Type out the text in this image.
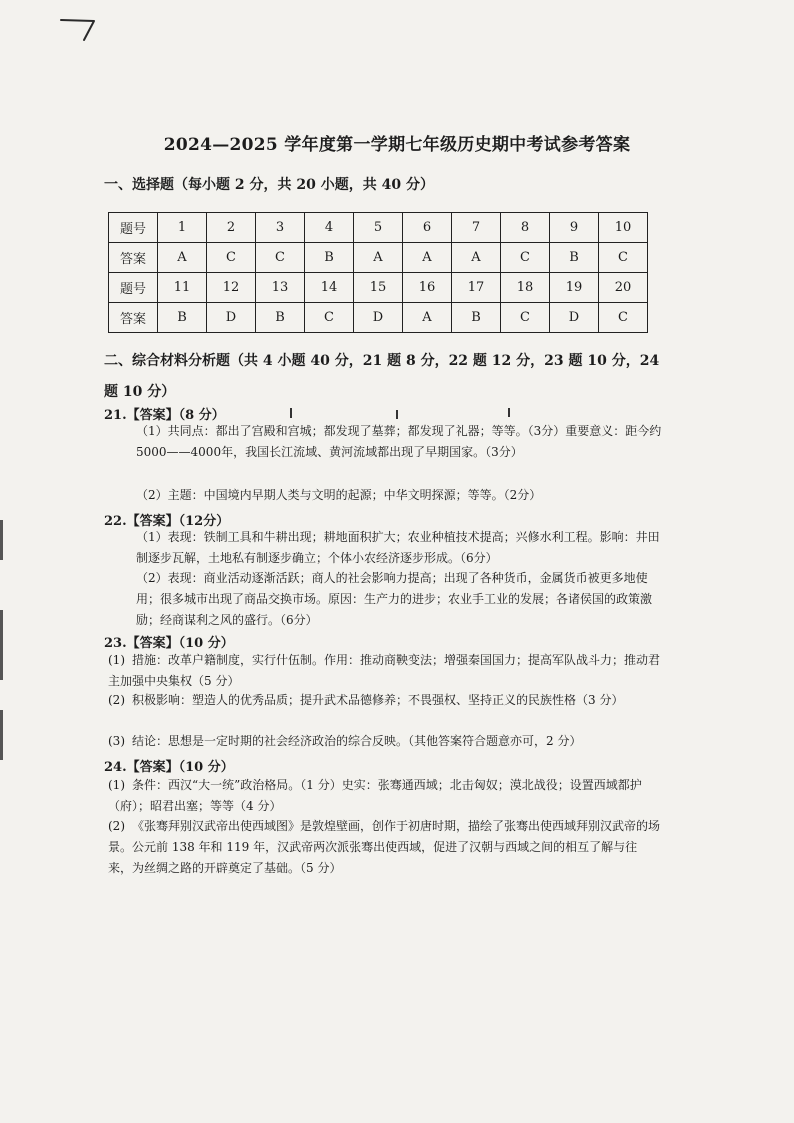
2024—2025 学年度第一学期七年级历史期中考试参考答案
一、选择题（每小题 2 分，共 20 小题，共 40 分）
题号	1	2	3	4	5	6	7	8	9	10
答案	A	C	C	B	A	A	A	C	B	C
题号	11	12	13	14	15	16	17	18	19	20
答案	B	D	B	C	D	A	B	C	D	C
二、综合材料分析题（共 4 小题 40 分，21 题 8 分，22 题 12 分，23 题 10 分，24 题 10 分）
21.【答案】（8 分）
（1）共同点：都出了宫殿和宫城；都发现了墓葬；都发现了礼器；等等。（3分）重要意义：距今约5000——4000年，我国长江流域、黄河流域都出现了早期国家。（3分）
（2）主题：中国境内早期人类与文明的起源；中华文明探源；等等。（2分）
22.【答案】（12分）
（1）表现：铁制工具和牛耕出现；耕地面积扩大；农业种植技术提高；兴修水利工程。影响：井田制逐步瓦解，土地私有制逐步确立；个体小农经济逐步形成。（6分）
（2）表现：商业活动逐渐活跃；商人的社会影响力提高；出现了各种货币，金属货币被更多地使用；很多城市出现了商品交换市场。原因：生产力的进步；农业手工业的发展；各诸侯国的政策激励；经商谋利之风的盛行。（6分）
23.【答案】（10 分）
(1) 措施：改革户籍制度，实行什伍制。作用：推动商鞅变法；增强秦国国力；提高军队战斗力；推动君主加强中央集权（5 分）
(2) 积极影响：塑造人的优秀品质；提升武术品德修养；不畏强权、坚持正义的民族性格（3 分）
(3) 结论：思想是一定时期的社会经济政治的综合反映。（其他答案符合题意亦可，2 分）
24.【答案】（10 分）
(1) 条件：西汉“大一统”政治格局。（1 分）史实：张骞通西域；北击匈奴；漠北战役；设置西域都护（府）；昭君出塞；等等（4 分）
(2) 《张骞拜别汉武帝出使西域图》是敦煌壁画，创作于初唐时期，描绘了张骞出使西域拜别汉武帝的场景。公元前 138 年和 119 年，汉武帝两次派张骞出使西域，促进了汉朝与西域之间的相互了解与往来，为丝绸之路的开辟奠定了基础。（5 分）
